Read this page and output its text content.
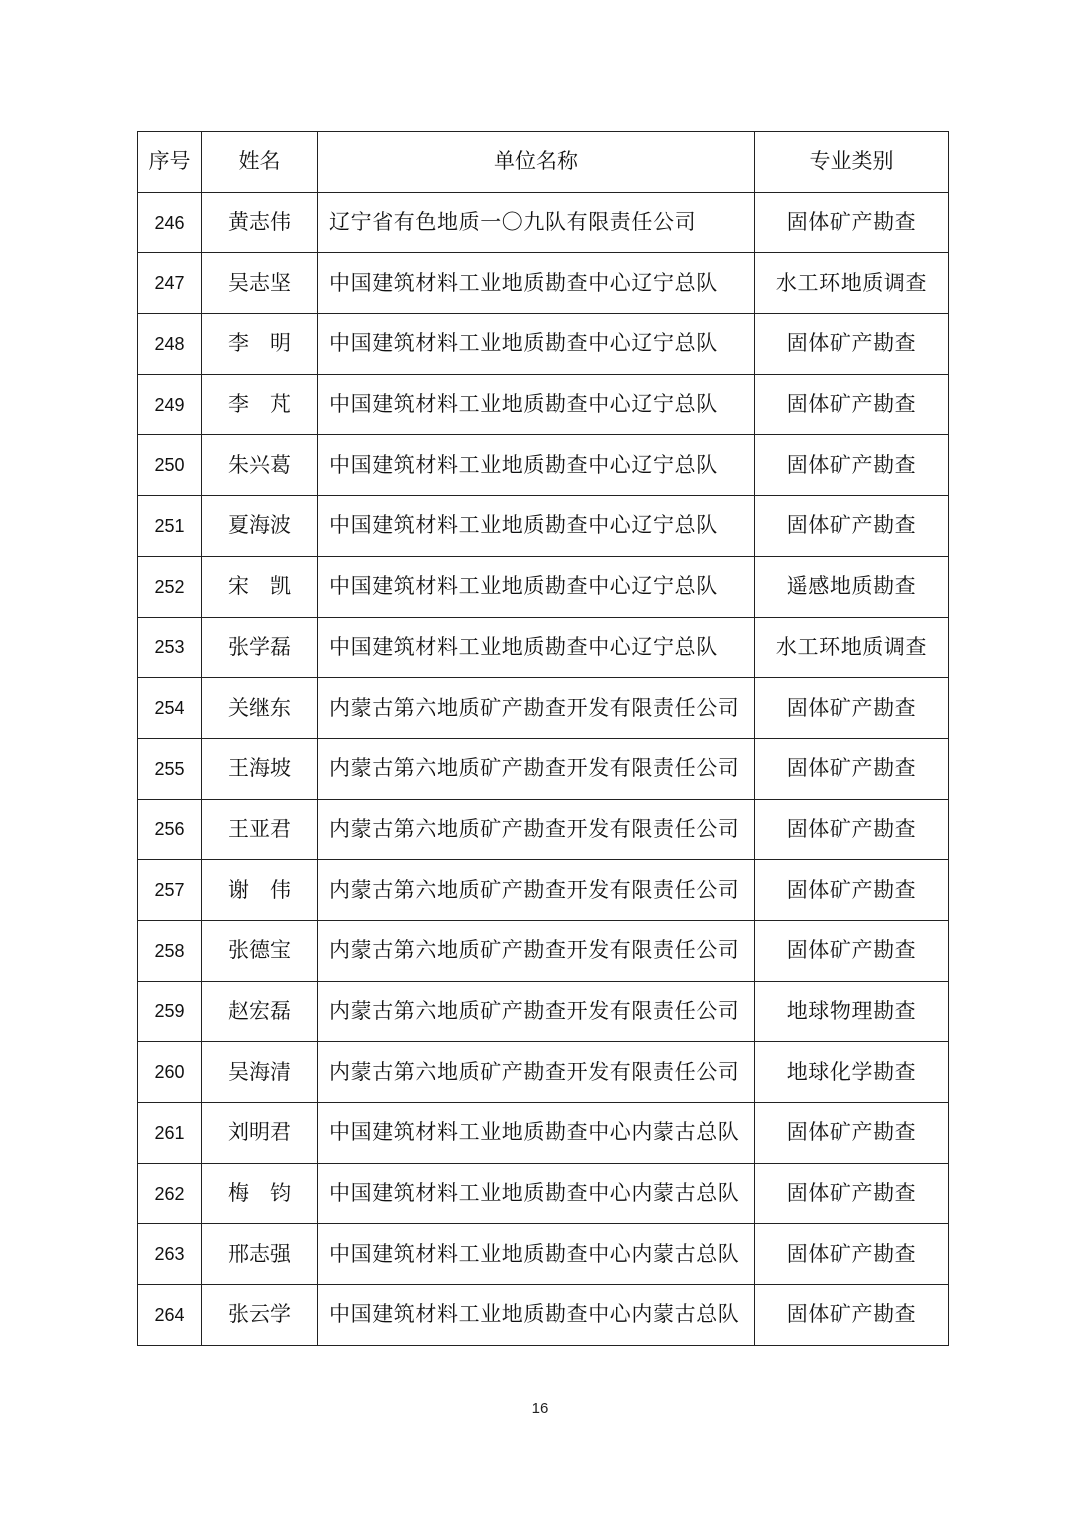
序号	姓名	单位名称	专业类别
246	黄志伟	辽宁省有色地质一〇九队有限责任公司	固体矿产勘查
247	吴志坚	中国建筑材料工业地质勘查中心辽宁总队	水工环地质调查
248	李　明	中国建筑材料工业地质勘查中心辽宁总队	固体矿产勘查
249	李　芃	中国建筑材料工业地质勘查中心辽宁总队	固体矿产勘查
250	朱兴葛	中国建筑材料工业地质勘查中心辽宁总队	固体矿产勘查
251	夏海波	中国建筑材料工业地质勘查中心辽宁总队	固体矿产勘查
252	宋　凯	中国建筑材料工业地质勘查中心辽宁总队	遥感地质勘查
253	张学磊	中国建筑材料工业地质勘查中心辽宁总队	水工环地质调查
254	关继东	内蒙古第六地质矿产勘查开发有限责任公司	固体矿产勘查
255	王海坡	内蒙古第六地质矿产勘查开发有限责任公司	固体矿产勘查
256	王亚君	内蒙古第六地质矿产勘查开发有限责任公司	固体矿产勘查
257	谢　伟	内蒙古第六地质矿产勘查开发有限责任公司	固体矿产勘查
258	张德宝	内蒙古第六地质矿产勘查开发有限责任公司	固体矿产勘查
259	赵宏磊	内蒙古第六地质矿产勘查开发有限责任公司	地球物理勘查
260	吴海清	内蒙古第六地质矿产勘查开发有限责任公司	地球化学勘查
261	刘明君	中国建筑材料工业地质勘查中心内蒙古总队	固体矿产勘查
262	梅　钧	中国建筑材料工业地质勘查中心内蒙古总队	固体矿产勘查
263	邢志强	中国建筑材料工业地质勘查中心内蒙古总队	固体矿产勘查
264	张云学	中国建筑材料工业地质勘查中心内蒙古总队	固体矿产勘查
16
